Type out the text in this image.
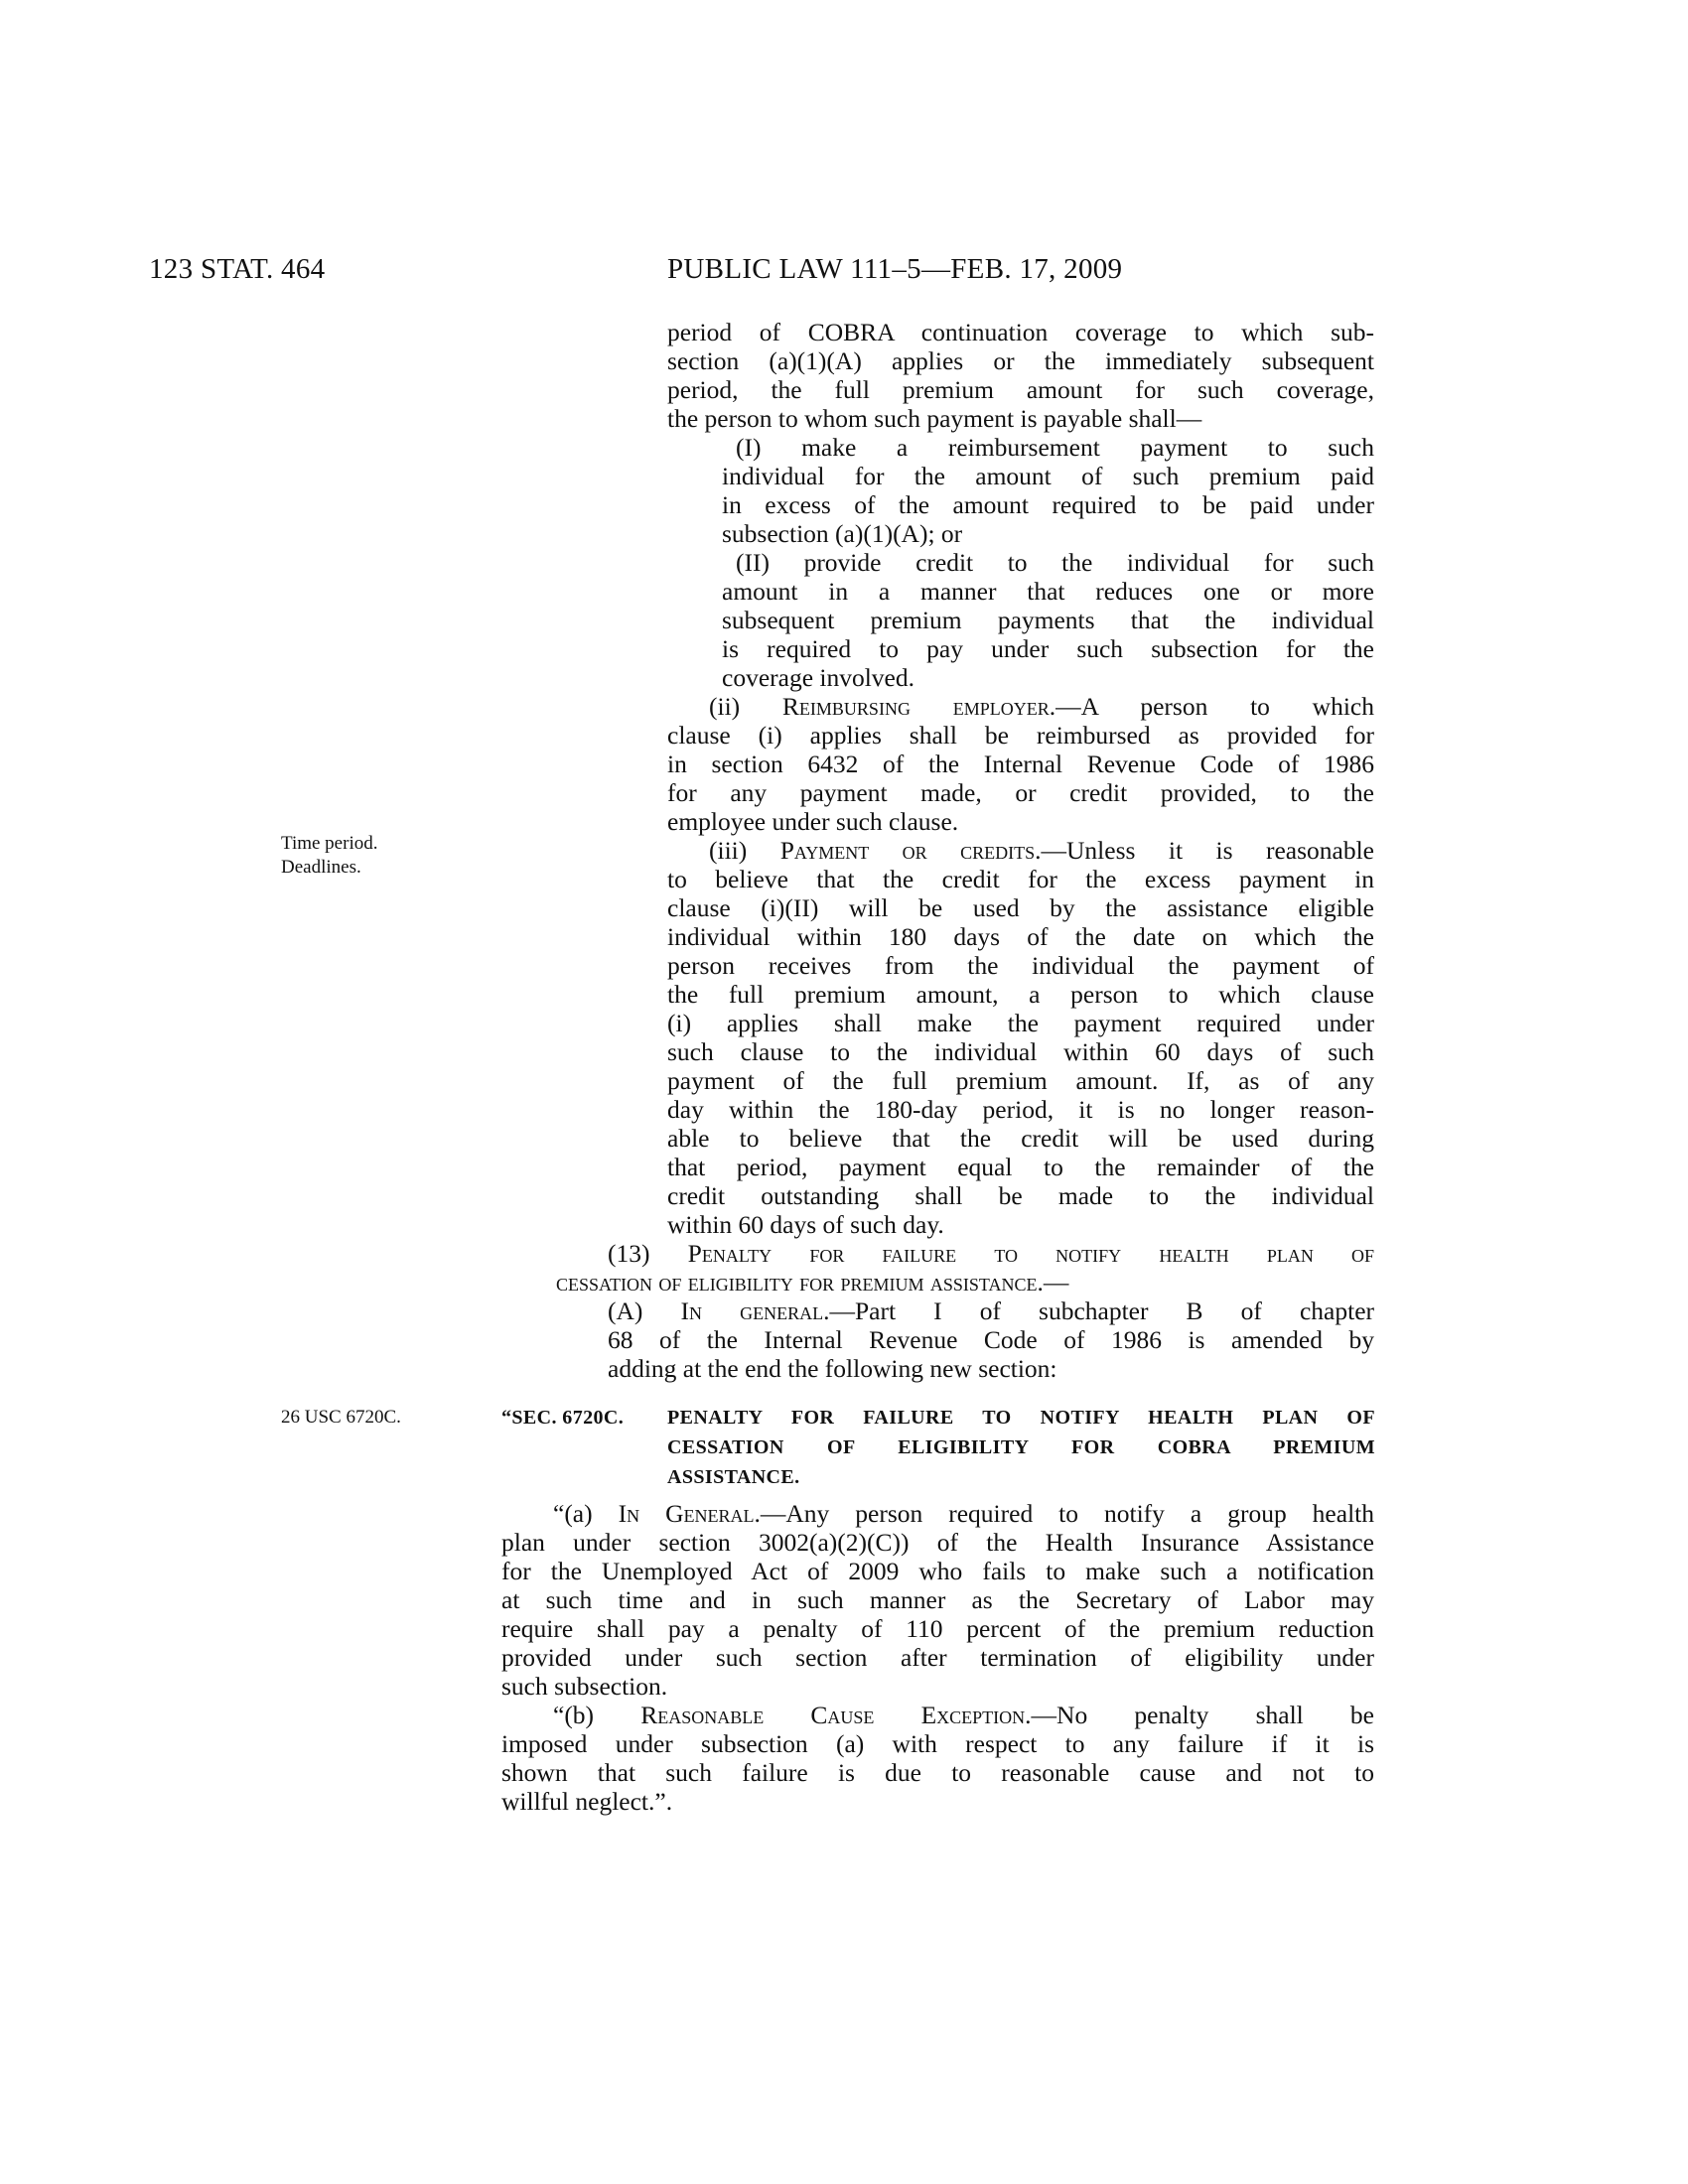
123 STAT. 464	PUBLIC LAW 111–5—FEB. 17, 2009
Time period.
Deadlines.
26 USC 6720C.
period of COBRA continuation coverage to which sub-
section (a)(1)(A) applies or the immediately subsequent
period, the full premium amount for such coverage,
the person to whom such payment is payable shall—
(I) make a reimbursement payment to such
individual for the amount of such premium paid
in excess of the amount required to be paid under
subsection (a)(1)(A); or
(II) provide credit to the individual for such
amount in a manner that reduces one or more
subsequent premium payments that the individual
is required to pay under such subsection for the
coverage involved.
(ii) Reimbursing employer.—A person to which
clause (i) applies shall be reimbursed as provided for
in section 6432 of the Internal Revenue Code of 1986
for any payment made, or credit provided, to the
employee under such clause.
(iii) Payment or credits.—Unless it is reasonable
to believe that the credit for the excess payment in
clause (i)(II) will be used by the assistance eligible
individual within 180 days of the date on which the
person receives from the individual the payment of
the full premium amount, a person to which clause
(i) applies shall make the payment required under
such clause to the individual within 60 days of such
payment of the full premium amount. If, as of any
day within the 180-day period, it is no longer reason-
able to believe that the credit will be used during
that period, payment equal to the remainder of the
credit outstanding shall be made to the individual
within 60 days of such day.
(13) Penalty for failure to notify health plan of
cessation of eligibility for premium assistance.—
(A) In general.—Part I of subchapter B of chapter
68 of the Internal Revenue Code of 1986 is amended by
adding at the end the following new section:
“SEC. 6720C. PENALTY FOR FAILURE TO NOTIFY HEALTH PLAN OF
CESSATION OF ELIGIBILITY FOR COBRA PREMIUM
ASSISTANCE.
“(a) In General.—Any person required to notify a group health
plan under section 3002(a)(2)(C)) of the Health Insurance Assistance
for the Unemployed Act of 2009 who fails to make such a notification
at such time and in such manner as the Secretary of Labor may
require shall pay a penalty of 110 percent of the premium reduction
provided under such section after termination of eligibility under
such subsection.
“(b) Reasonable Cause Exception.—No penalty shall be
imposed under subsection (a) with respect to any failure if it is
shown that such failure is due to reasonable cause and not to
willful neglect.”.
